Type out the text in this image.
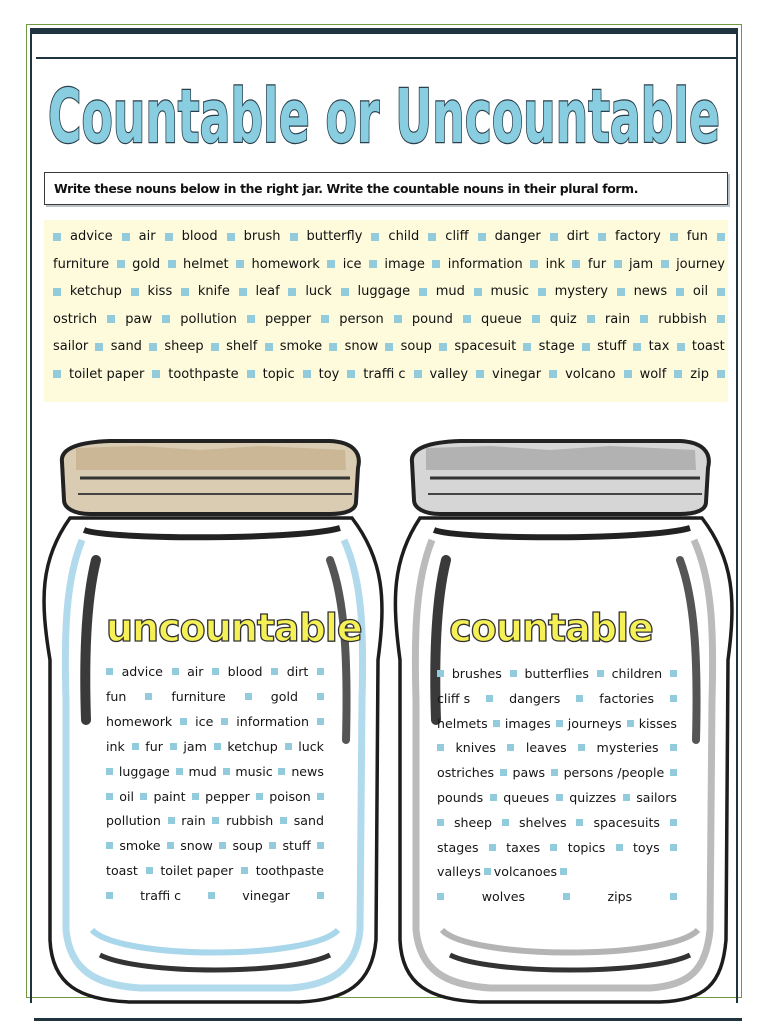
Countable or Uncountable
Write these nouns below in the right jar. Write the countable nouns in their plural form.
advice air blood brush butterfly child cliff danger dirt factory fun
furniture gold helmet homework ice image information ink fur jam journey
ketchup kiss knife leaf luck luggage mud music mystery news oil
ostrich paw pollution pepper person pound queue quiz rain rubbish
sailor sand sheep shelf smoke snow soup spacesuit stage stuff tax toast
toilet paper toothpaste topic toy traffi c valley vinegar volcano wolf zip
uncountable countable
advice air blood dirt
fun	furniture	gold
homework ice information
ink fur jam ketchup luck
luggage mud music news
oil paint pepper poison
pollution rain rubbish sand
smoke snow soup stuff
toast toilet paper toothpaste
traffi c	vinegar
brushes butterflies children
cliff s	dangers	factories
helmets images journeys kisses
knives leaves mysteries
ostriches paws persons /people
pounds queues quizzes sailors
sheep shelves spacesuits
stages taxes topics toys
valleys volcanoes
wolves	zips
